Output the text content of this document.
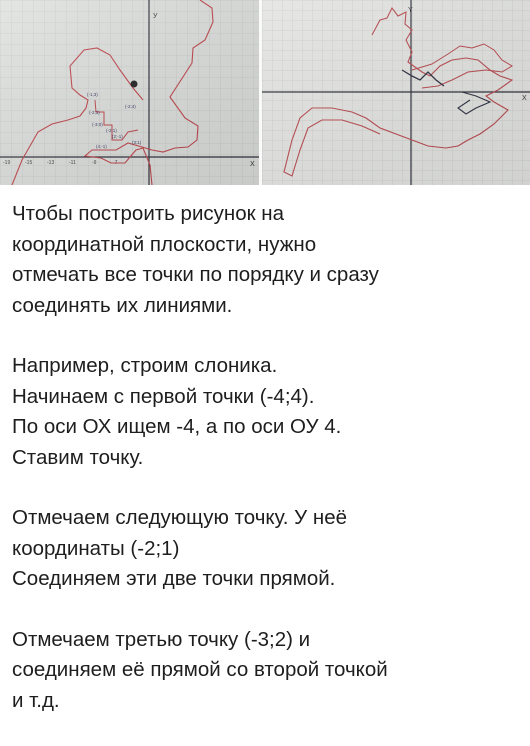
Чтобы построить рисунок на
координатной плоскости, нужно
отмечать все точки по порядку и сразу
соединять их линиями.

Например, строим слоника.
Начинаем с первой точки (-4;4).
По оси ОХ ищем -4, а по оси ОУ 4.
Ставим точку.

Отмечаем следующую точку. У неё
координаты (-2;1)
Соединяем эти две точки прямой.

Отмечаем третью точку (-3;2) и
соединяем её прямой со второй точкой
и т.д.
